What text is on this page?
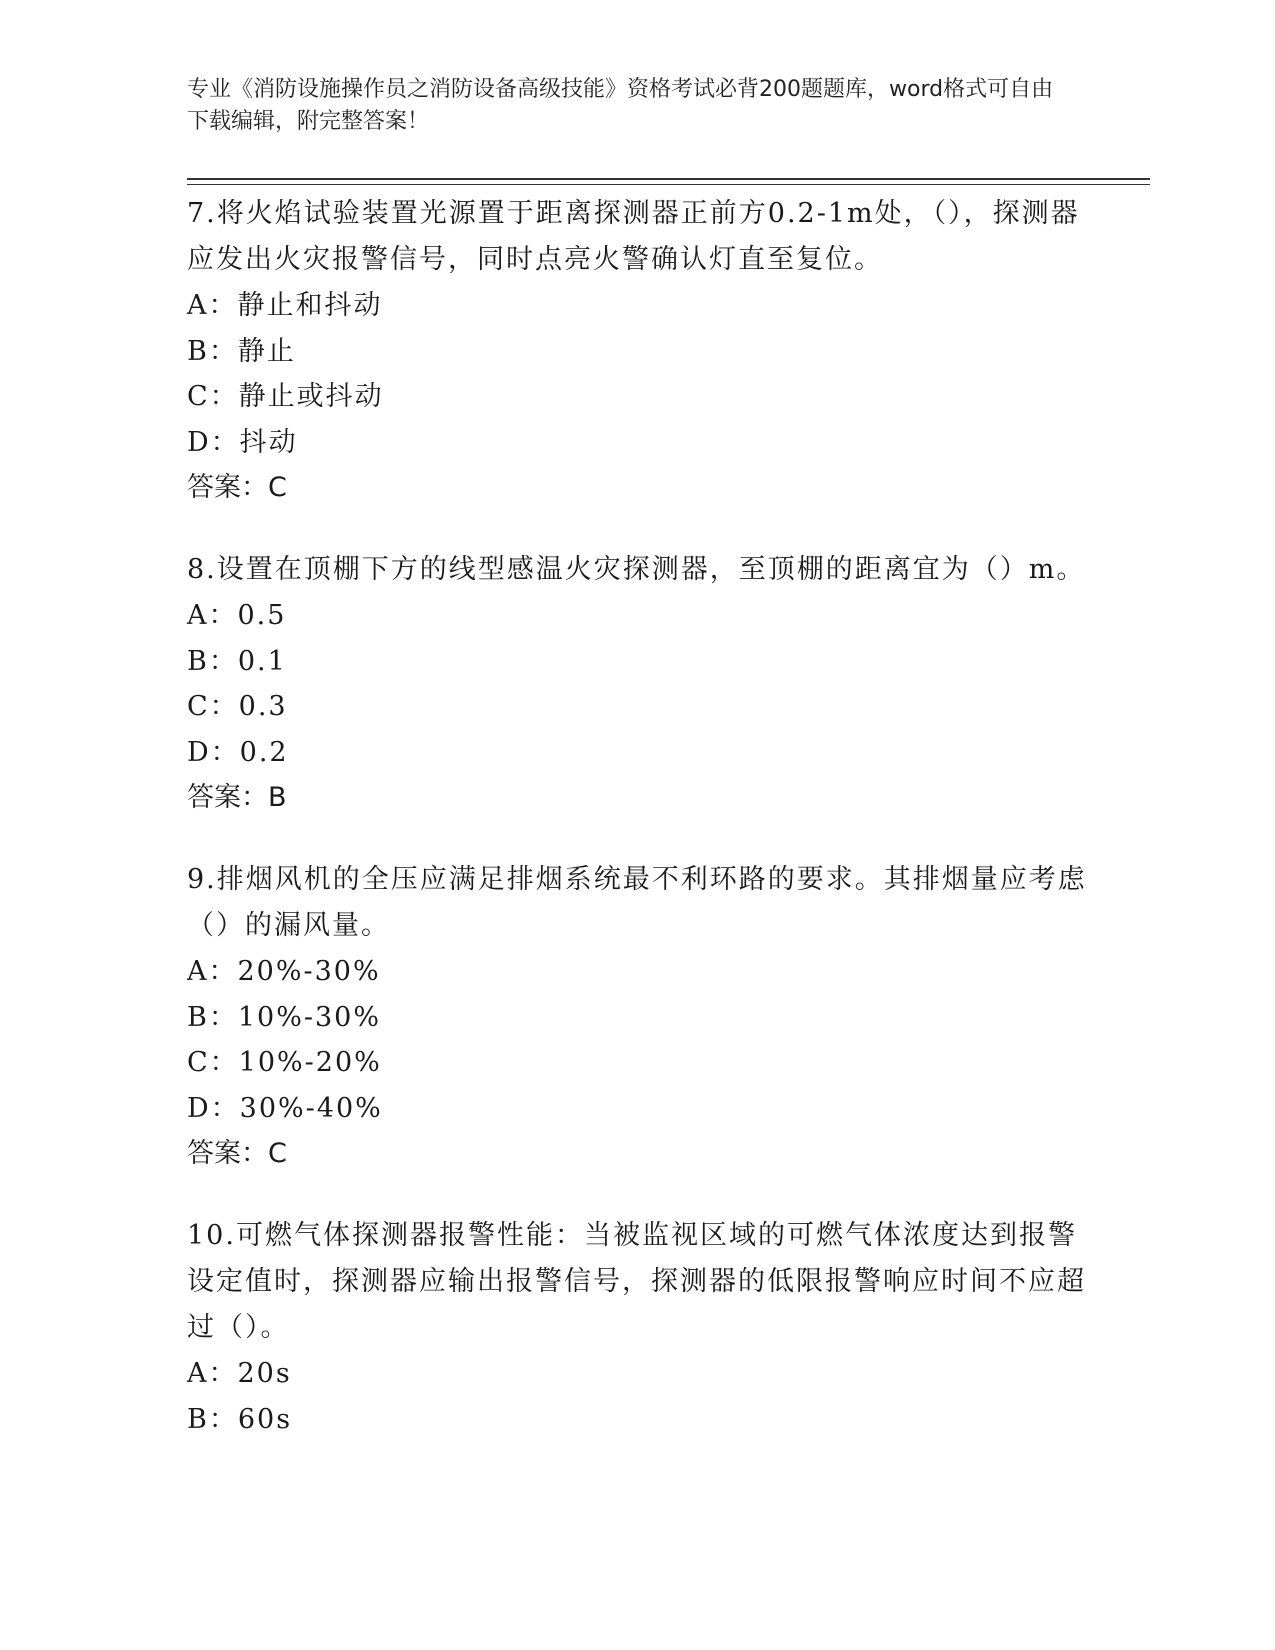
专业《消防设施操作员之消防设备高级技能》资格考试必背200题题库，word格式可自由下载编辑，附完整答案！
7.将火焰试验装置光源置于距离探测器正前方0.2-1m处，（），探测器应发出火灾报警信号，同时点亮火警确认灯直至复位。
A：静止和抖动
B：静止
C：静止或抖动
D：抖动
答案：C
8.设置在顶棚下方的线型感温火灾探测器，至顶棚的距离宜为（）m。
A：0.5
B：0.1
C：0.3
D：0.2
答案：B
9.排烟风机的全压应满足排烟系统最不利环路的要求。其排烟量应考虑（）的漏风量。
A：20%-30%
B：10%-30%
C：10%-20%
D：30%-40%
答案：C
10.可燃气体探测器报警性能：当被监视区域的可燃气体浓度达到报警设定值时，探测器应输出报警信号，探测器的低限报警响应时间不应超过（）。
A：20s
B：60s
